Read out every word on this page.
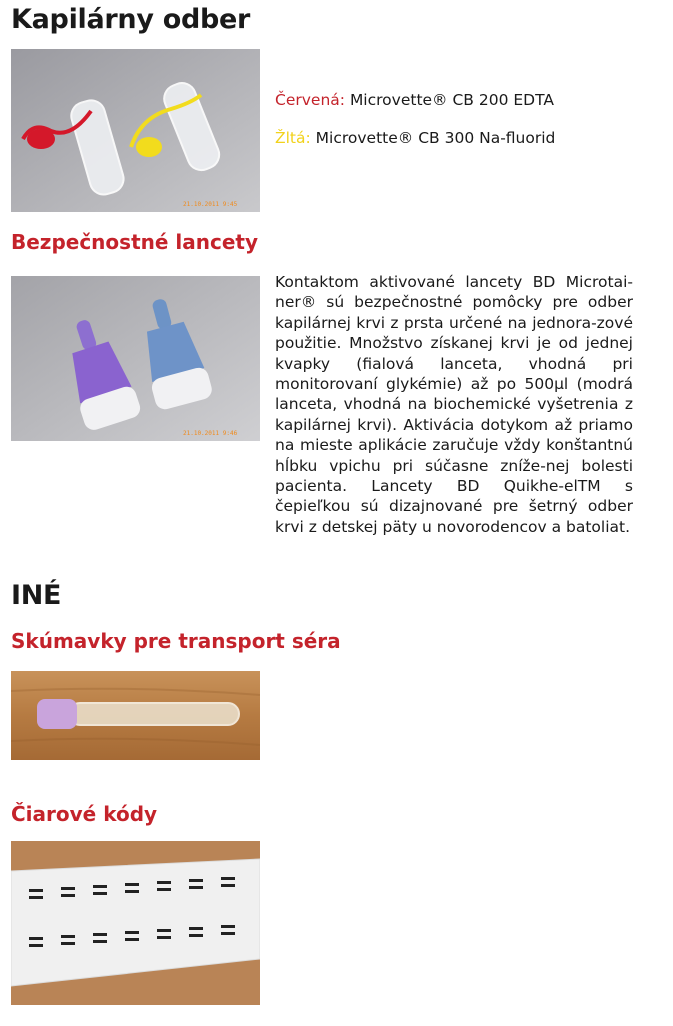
Kapilárny odber
21.10.2011 9:45

Červená: Microvette® CB 200 EDTA

Žltá: Microvette® CB 300 Na-fluorid

Bezpečnostné lancety
21.10.2011 9:46

Kontaktom aktivované lancety BD Microtai-ner® sú bezpečnostné pomôcky pre odber kapilárnej krvi z prsta určené na jednora-zové použitie. Množstvo získanej krvi je od jednej kvapky (fialová lanceta, vhodná pri monitorovaní glykémie) až po 500µl (modrá lanceta, vhodná na biochemické vyšetrenia z kapilárnej krvi). Aktivácia dotykom až priamo na mieste aplikácie zaručuje vždy konštantnú hĺbku vpichu pri súčasne zníže-nej bolesti pacienta. Lancety BD Quikhe-elTM s čepieľkou sú dizajnované pre šetrný odber krvi z detskej päty u novorodencov a batoliat.

INÉ
Skúmavky pre transport séra
Čiarové kódy
